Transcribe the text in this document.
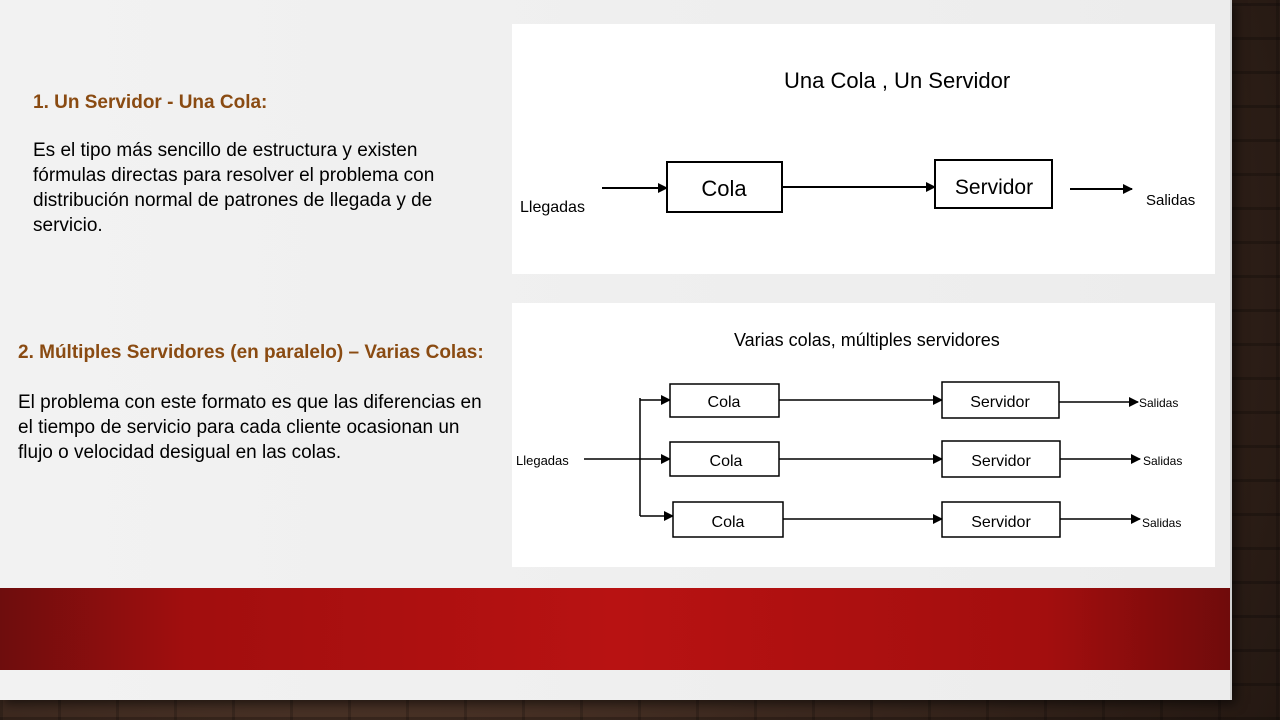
1. Un Servidor - Una Cola:
Es el tipo más sencillo de estructura y existen fórmulas directas para resolver el problema con distribución normal de patrones de llegada y de servicio.
2. Múltiples Servidores (en paralelo) – Varias Colas:
El problema con este formato es que las diferencias en el tiempo de servicio para cada cliente ocasionan un flujo o velocidad desigual en las colas.
Una Cola , Un Servidor
Llegadas
Cola	Servidor
Salidas
Varias colas, múltiples servidores
Llegadas
Cola	Servidor	Salidas
Cola	Servidor	Salidas
Cola	Servidor	Salidas
